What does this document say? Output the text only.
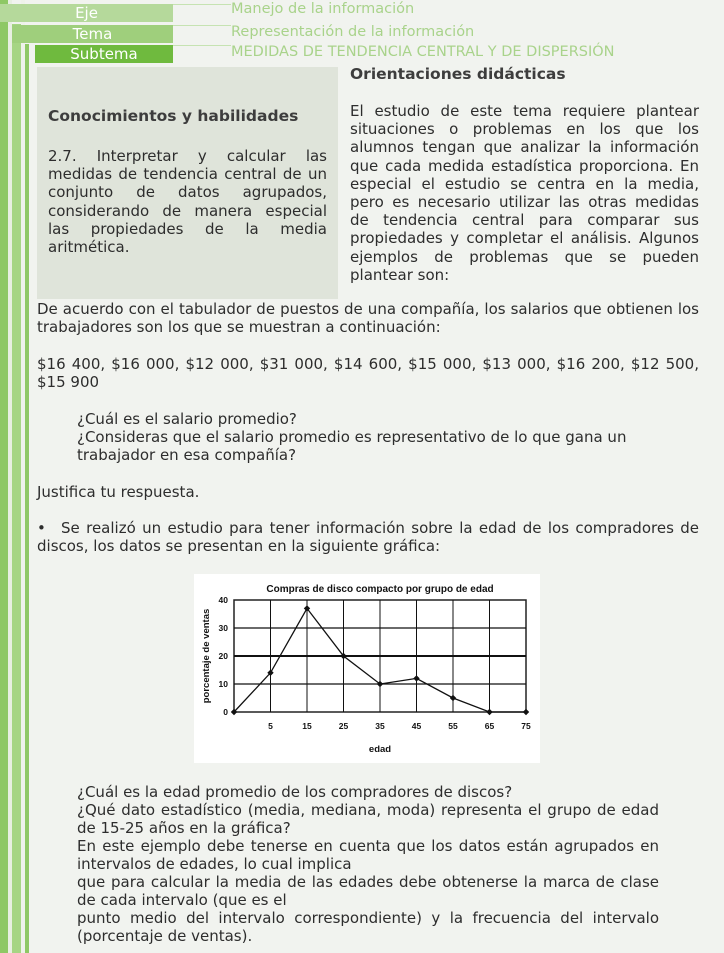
Eje	Manejo de la información
Tema	Representación de la información
Subtema	MEDIDAS DE TENDENCIA CENTRAL Y DE DISPERSIÓN
Conocimientos y habilidades

2.7. Interpretar y calcular las medidas de tendencia central de un conjunto de datos agrupados, considerando de manera especial las propiedades de la media aritmética.

Orientaciones didácticas
El estudio de este tema requiere plantear situaciones o problemas en los que los alumnos tengan que analizar la información que cada medida estadística proporciona. En especial el estudio se centra en la media, pero es necesario utilizar las otras medidas de tendencia central para comparar sus propiedades y completar el análisis. Algunos ejemplos de problemas que se pueden plantear son:
De acuerdo con el tabulador de puestos de una compañía, los salarios que obtienen los trabajadores son los que se muestran a continuación:
$16 400, $16 000, $12 000, $31 000, $14 600, $15 000, $13 000, $16 200, $12 500, $15 900
¿Cuál es el salario promedio?
¿Consideras que el salario promedio es representativo de lo que gana un trabajador en esa compañía?
Justifica tu respuesta.
•	Se realizó un estudio para tener información sobre la edad de los compradores de discos, los datos se presentan en la siguiente gráfica:
Compras de disco compacto por grupo de edad
0
10
20
30
40
5	15	25	35	45	55	65	75
edad
porcentaje de ventas
¿Cuál es la edad promedio de los compradores de discos?
¿Qué dato estadístico (media, mediana, moda) representa el grupo de edad de 15-25 años en la gráfica?
En este ejemplo debe tenerse en cuenta que los datos están agrupados en intervalos de edades, lo cual implica
que para calcular la media de las edades debe obtenerse la marca de clase de cada intervalo (que es el
punto medio del intervalo correspondiente) y la frecuencia del intervalo (porcentaje de ventas).
